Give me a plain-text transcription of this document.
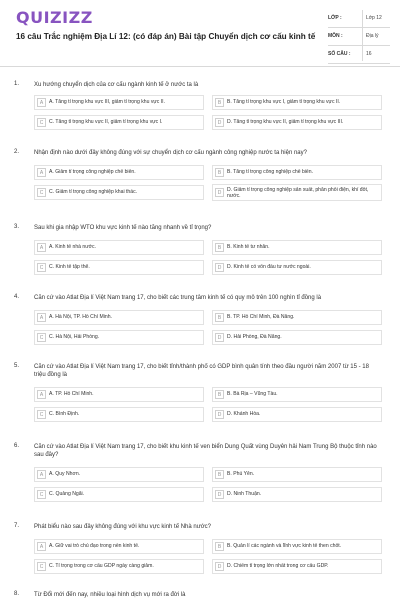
QUIZIZZ
16 câu Trắc nghiệm Địa Lí 12: (có đáp án) Bài tập Chuyển dịch cơ cấu kinh tế
LỚP :	Lớp 12
MÔN :	Địa lý
SỐ CÂU :	16
1. Xu hướng chuyển dịch của cơ cấu ngành kinh tế ở nước ta là
A	A. Tăng tỉ trọng khu vực III, giảm tỉ trọng khu vực II.	B	B. Tăng tỉ trọng khu vực I, giảm tỉ trọng khu vực II.
C	C. Tăng tỉ trọng khu vực II, giảm tỉ trọng khu vực I.	D	D. Tăng tỉ trọng khu vực II, giảm tỉ trọng khu vực III.
2. Nhận định nào dưới đây không đúng với sự chuyển dịch cơ cấu ngành công nghiệp nước ta hiện nay?
A	A. Giảm tỉ trọng công nghiệp chế biến.	B	B. Tăng tỉ trọng công nghiệp chế biến.
C	C. Giảm tỉ trọng công nghiệp khai thác.	D	D. Giảm tỉ trọng công nghiệp sản xuất, phân phối điện, khí đốt, nước.
3. Sau khi gia nhập WTO khu vực kinh tế nào tăng nhanh về tỉ trọng?
A	A. Kinh tế nhà nước.	B	B. Kinh tế tư nhân.
C	C. Kinh tế tập thể.	D	D. Kinh tế có vốn đầu tư nước ngoài.
4. Căn cứ vào Atlat Địa lí Việt Nam trang 17, cho biết các trung tâm kinh tế có quy mô trên 100 nghìn tỉ đồng là
A	A. Hà Nội, TP. Hồ Chí Minh.	B	B. TP. Hồ Chí Minh, Đà Nẵng.
C	C. Hà Nội, Hải Phòng.	D	D. Hải Phòng, Đà Nẵng.
5. Căn cứ vào Atlat Địa lí Việt Nam trang 17, cho biết tỉnh/thành phố có GDP bình quân tính theo đầu người năm 2007 từ 15 - 18 triệu đồng là
A	A. TP. Hồ Chí Minh.	B	B. Bà Rịa – Vũng Tàu.
C	C. Bình Định.	D	D. Khánh Hòa.
6. Căn cứ vào Atlat Địa lí Việt Nam trang 17, cho biết khu kinh tế ven biển Dung Quất vùng Duyên hải Nam Trung Bộ thuộc tỉnh nào sau đây?
A	A. Quy Nhơn.	B	B. Phú Yên.
C	C. Quảng Ngãi.	D	D. Ninh Thuận.
7. Phát biểu nào sau đây không đúng với khu vực kinh tế Nhà nước?
A	A. Giữ vai trò chủ đạo trong nền kinh tế.	B	B. Quản lí các ngành và lĩnh vực kinh tế then chốt.
C	C. Tỉ trọng trong cơ cấu GDP ngày càng giảm.	D	D. Chiếm tỉ trọng lớn nhất trong cơ cấu GDP.
8. Từ Đổi mới đến nay, nhiều loại hình dịch vụ mới ra đời là
